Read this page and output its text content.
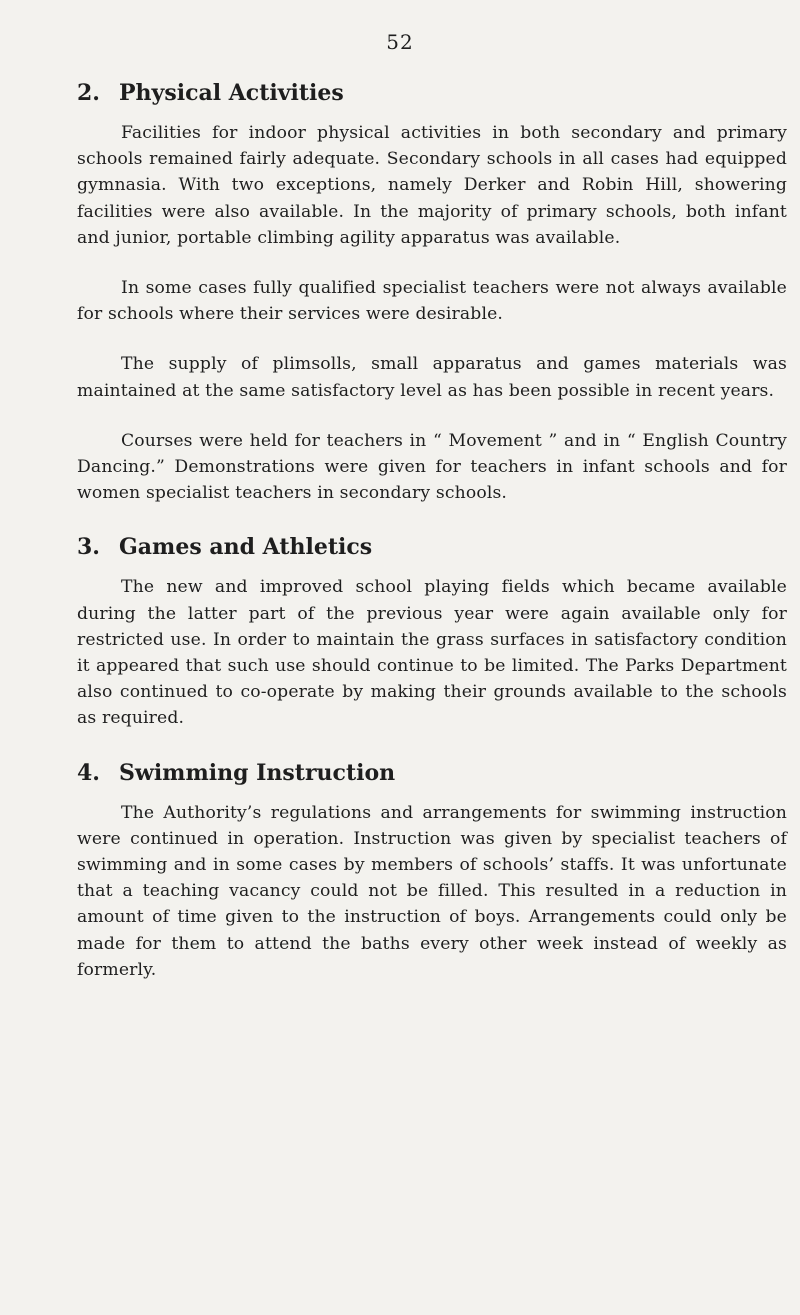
52
2. Physical Activities

Facilities for indoor physical activities in both secondary and primary schools remained fairly adequate. Secondary schools in all cases had equipped gymnasia. With two exceptions, namely Derker and Robin Hill, showering facilities were also available. In the majority of primary schools, both infant and junior, portable climbing agility apparatus was available.

In some cases fully qualified specialist teachers were not always available for schools where their services were desirable.

The supply of plimsolls, small apparatus and games materials was maintained at the same satisfactory level as has been possible in recent years.

Courses were held for teachers in “ Movement ” and in “ English Country Dancing.” Demonstrations were given for teachers in infant schools and for women specialist teachers in secondary schools.

3. Games and Athletics

The new and improved school playing fields which became available during the latter part of the previous year were again available only for restricted use. In order to maintain the grass surfaces in satisfactory condition it appeared that such use should continue to be limited. The Parks Department also continued to co-operate by making their grounds available to the schools as required.

4. Swimming Instruction

The Authority’s regulations and arrangements for swimming instruction were continued in operation. Instruction was given by specialist teachers of swimming and in some cases by members of schools’ staffs. It was unfortunate that a teaching vacancy could not be filled. This resulted in a reduction in amount of time given to the instruction of boys. Arrangements could only be made for them to attend the baths every other week instead of weekly as formerly.
